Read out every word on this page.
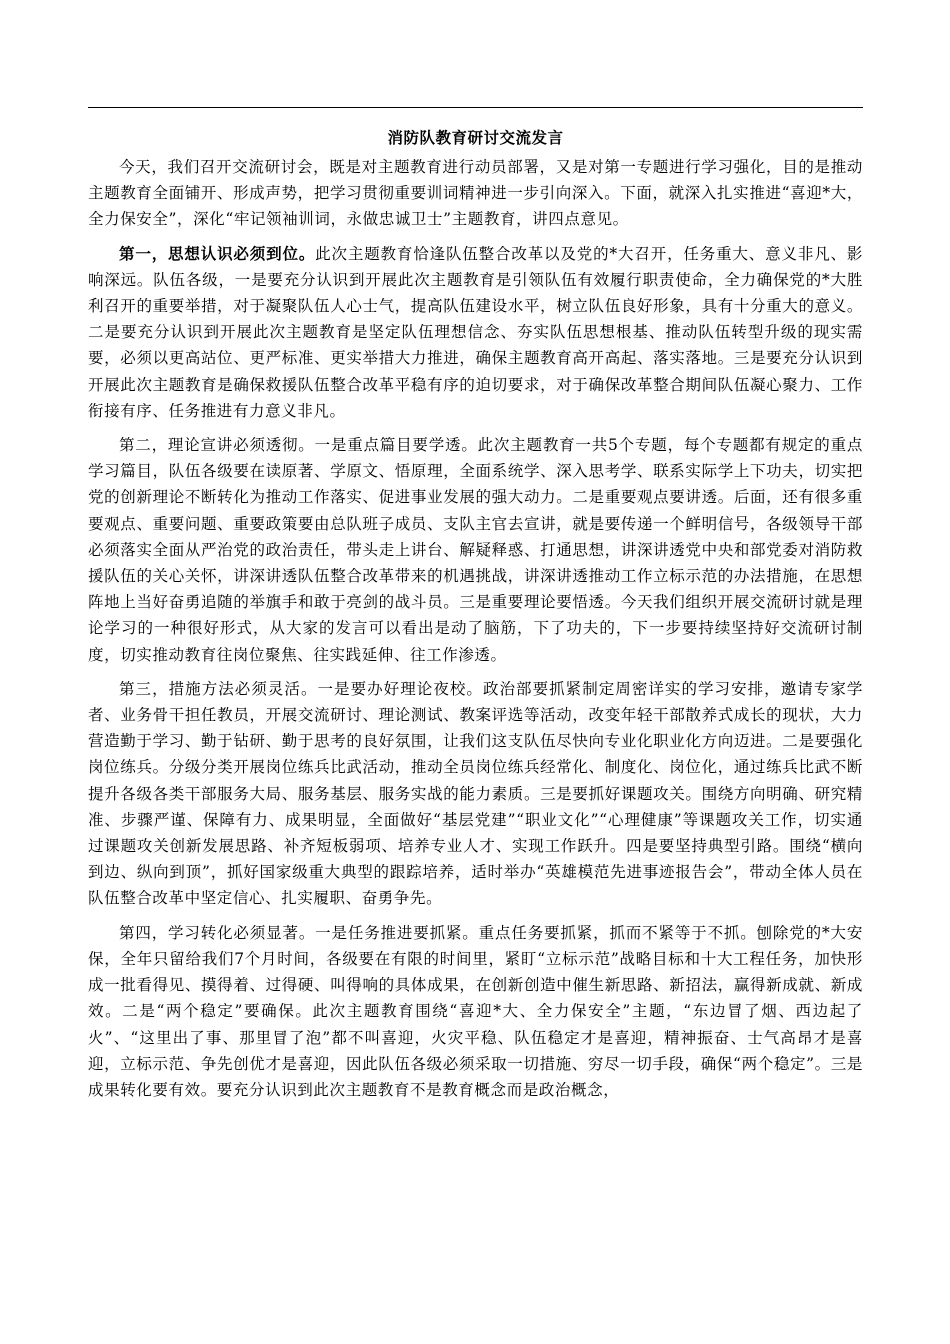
消防队教育研讨交流发言

今天，我们召开交流研讨会，既是对主题教育进行动员部署，又是对第一专题进行学习强化，目的是推动主题教育全面铺开、形成声势，把学习贯彻重要训词精神进一步引向深入。下面，就深入扎实推进“喜迎*大，全力保安全”，深化“牢记领袖训词，永做忠诚卫士”主题教育，讲四点意见。

第一，思想认识必须到位。此次主题教育恰逢队伍整合改革以及党的*大召开，任务重大、意义非凡、影响深远。队伍各级，一是要充分认识到开展此次主题教育是引领队伍有效履行职责使命，全力确保党的*大胜利召开的重要举措，对于凝聚队伍人心士气，提高队伍建设水平，树立队伍良好形象，具有十分重大的意义。二是要充分认识到开展此次主题教育是坚定队伍理想信念、夯实队伍思想根基、推动队伍转型升级的现实需要，必须以更高站位、更严标准、更实举措大力推进，确保主题教育高开高起、落实落地。三是要充分认识到开展此次主题教育是确保救援队伍整合改革平稳有序的迫切要求，对于确保改革整合期间队伍凝心聚力、工作衔接有序、任务推进有力意义非凡。

第二，理论宣讲必须透彻。一是重点篇目要学透。此次主题教育一共5个专题，每个专题都有规定的重点学习篇目，队伍各级要在读原著、学原文、悟原理，全面系统学、深入思考学、联系实际学上下功夫，切实把党的创新理论不断转化为推动工作落实、促进事业发展的强大动力。二是重要观点要讲透。后面，还有很多重要观点、重要问题、重要政策要由总队班子成员、支队主官去宣讲，就是要传递一个鲜明信号，各级领导干部必须落实全面从严治党的政治责任，带头走上讲台、解疑释惑、打通思想，讲深讲透党中央和部党委对消防救援队伍的关心关怀，讲深讲透队伍整合改革带来的机遇挑战，讲深讲透推动工作立标示范的办法措施，在思想阵地上当好奋勇追随的举旗手和敢于亮剑的战斗员。三是重要理论要悟透。今天我们组织开展交流研讨就是理论学习的一种很好形式，从大家的发言可以看出是动了脑筋，下了功夫的，下一步要持续坚持好交流研讨制度，切实推动教育往岗位聚焦、往实践延伸、往工作渗透。

第三，措施方法必须灵活。一是要办好理论夜校。政治部要抓紧制定周密详实的学习安排，邀请专家学者、业务骨干担任教员，开展交流研讨、理论测试、教案评选等活动，改变年轻干部散养式成长的现状，大力营造勤于学习、勤于钻研、勤于思考的良好氛围，让我们这支队伍尽快向专业化职业化方向迈进。二是要强化岗位练兵。分级分类开展岗位练兵比武活动，推动全员岗位练兵经常化、制度化、岗位化，通过练兵比武不断提升各级各类干部服务大局、服务基层、服务实战的能力素质。三是要抓好课题攻关。围绕方向明确、研究精准、步骤严谨、保障有力、成果明显，全面做好“基层党建”“职业文化”“心理健康”等课题攻关工作，切实通过课题攻关创新发展思路、补齐短板弱项、培养专业人才、实现工作跃升。四是要坚持典型引路。围绕“横向到边、纵向到顶”，抓好国家级重大典型的跟踪培养，适时举办“英雄模范先进事迹报告会”，带动全体人员在队伍整合改革中坚定信心、扎实履职、奋勇争先。

第四，学习转化必须显著。一是任务推进要抓紧。重点任务要抓紧，抓而不紧等于不抓。刨除党的*大安保，全年只留给我们7个月时间，各级要在有限的时间里，紧盯“立标示范”战略目标和十大工程任务，加快形成一批看得见、摸得着、过得硬、叫得响的具体成果，在创新创造中催生新思路、新招法，赢得新成就、新成效。二是“两个稳定”要确保。此次主题教育围绕“喜迎*大、全力保安全”主题，“东边冒了烟、西边起了火”、“这里出了事、那里冒了泡”都不叫喜迎，火灾平稳、队伍稳定才是喜迎，精神振奋、士气高昂才是喜迎，立标示范、争先创优才是喜迎，因此队伍各级必须采取一切措施、穷尽一切手段，确保“两个稳定”。三是成果转化要有效。要充分认识到此次主题教育不是教育概念而是政治概念，
